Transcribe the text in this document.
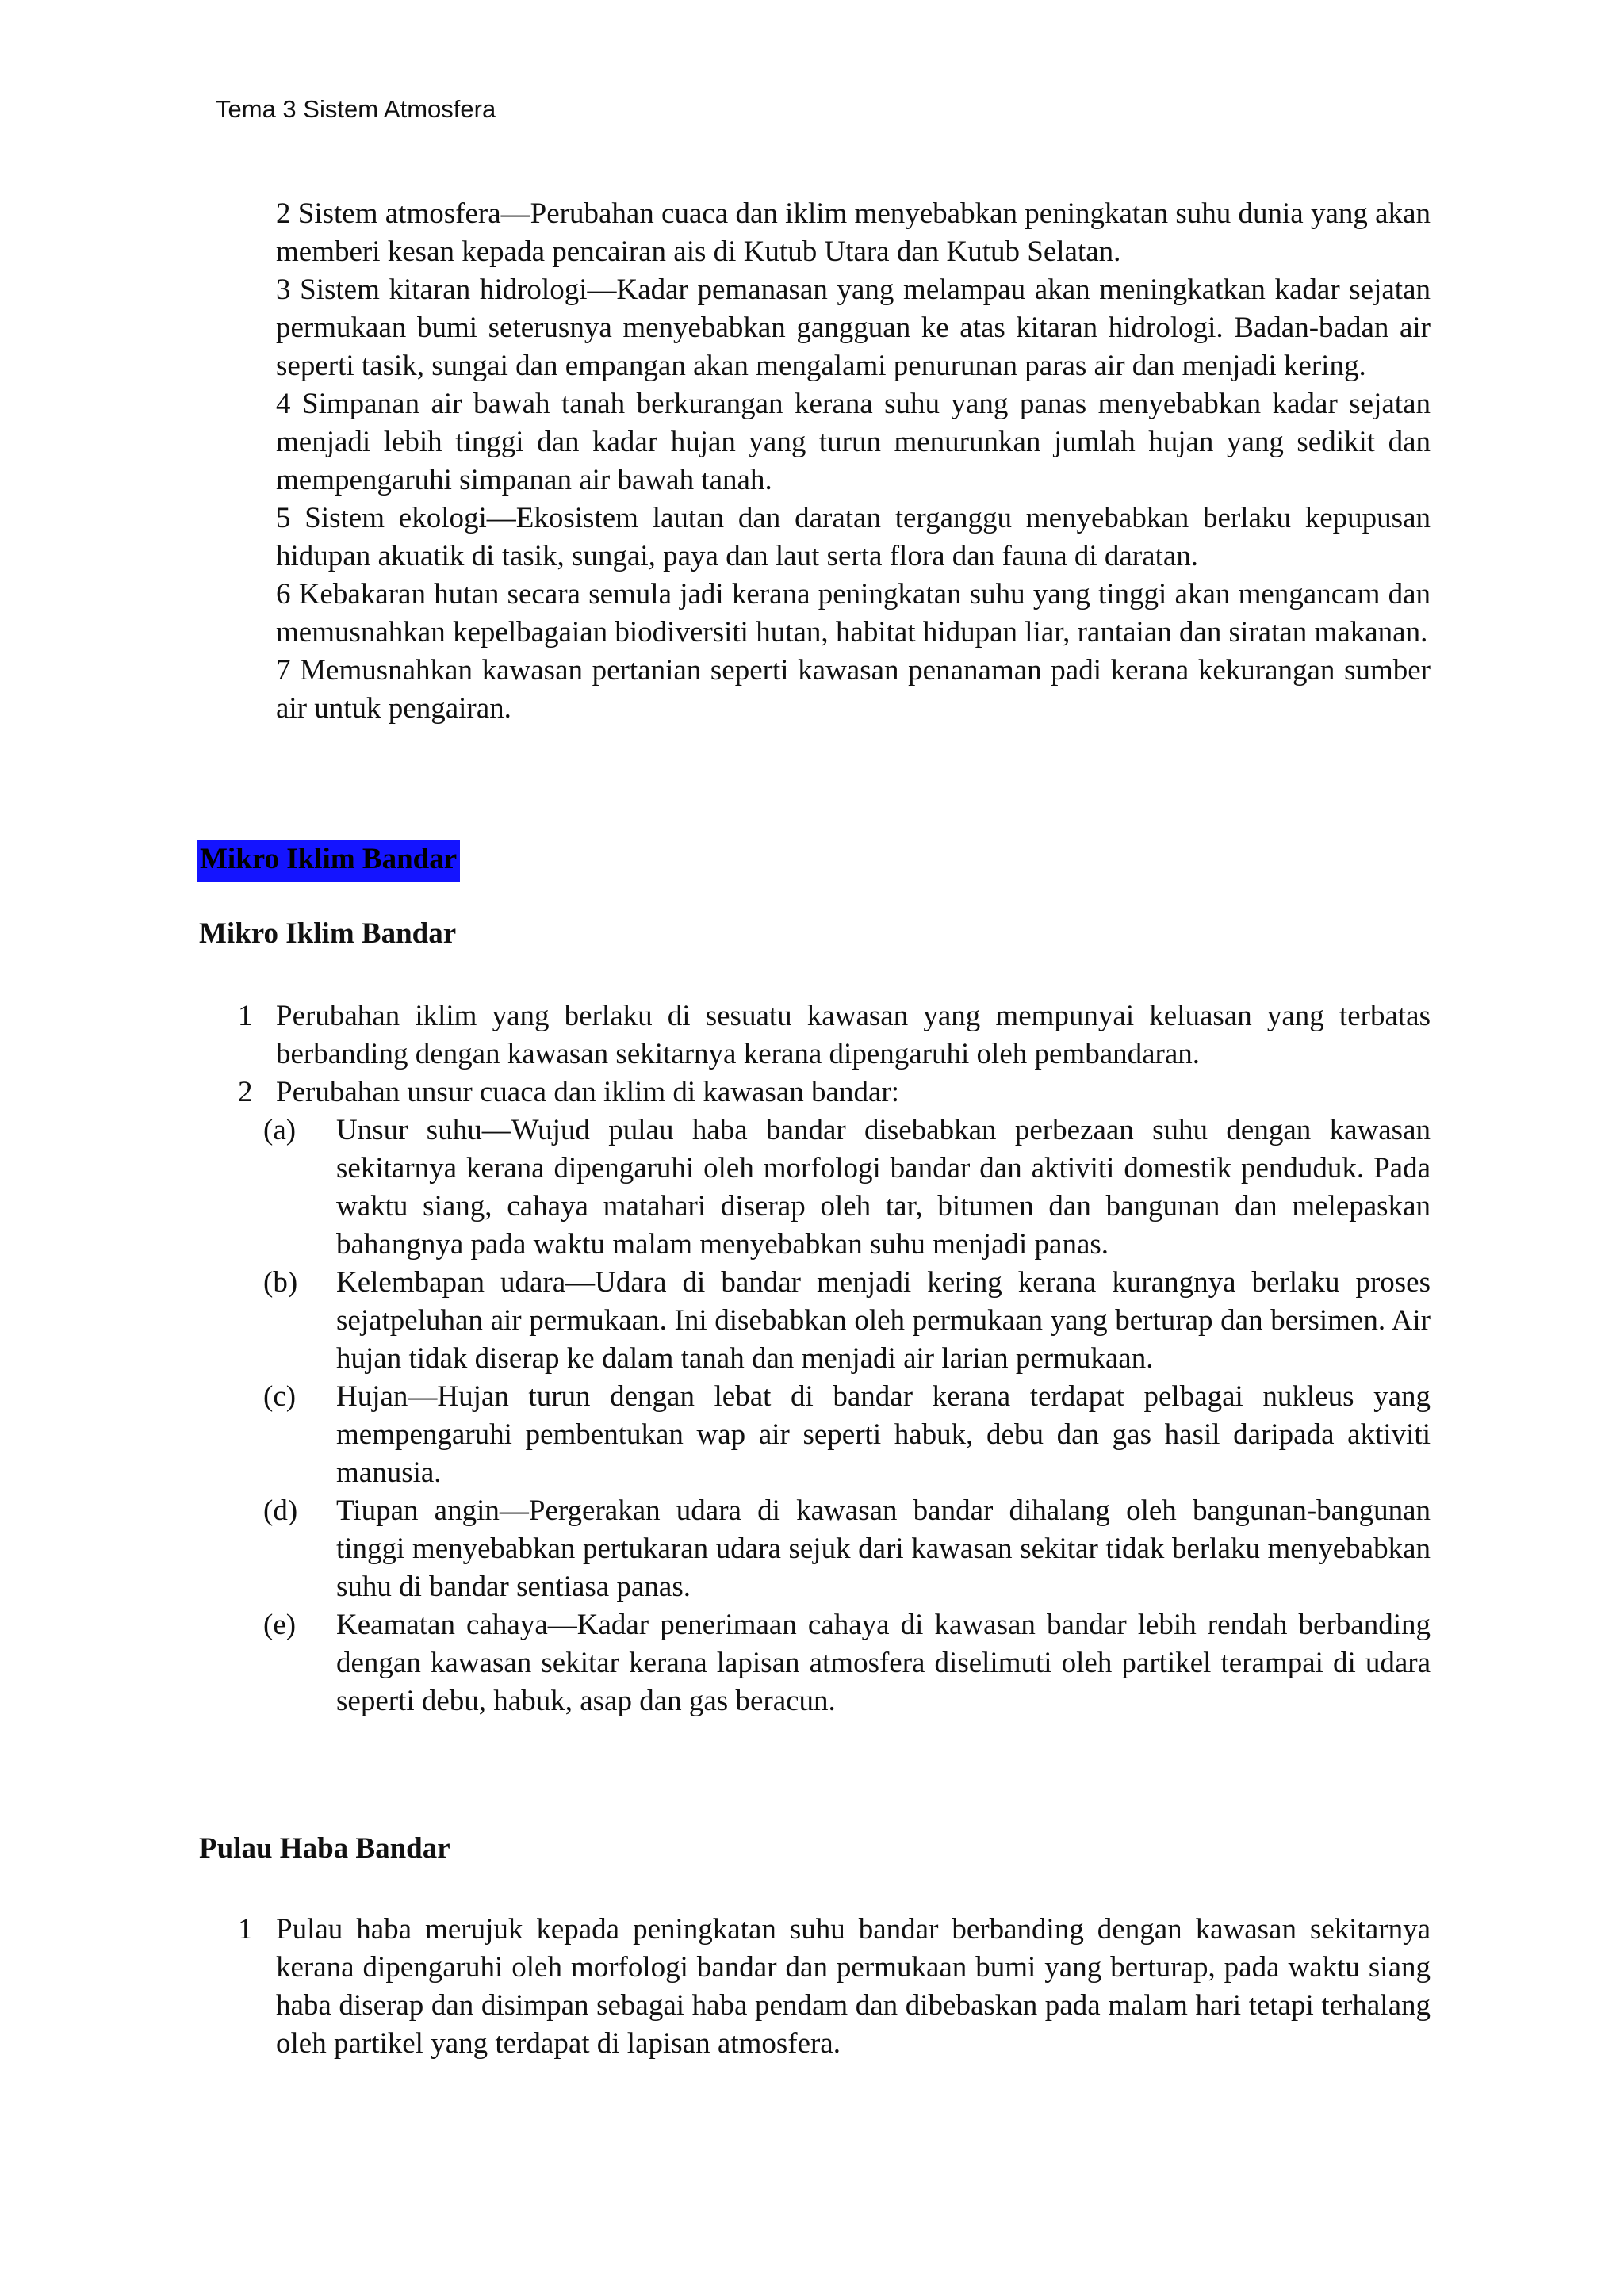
Tema 3 Sistem Atmosfera

2 Sistem atmosfera—Perubahan cuaca dan iklim menyebabkan peningkatan suhu dunia yang akan memberi kesan kepada pencairan ais di Kutub Utara dan Kutub Selatan.

3 Sistem kitaran hidrologi—Kadar pemanasan yang melampau akan meningkatkan kadar sejatan permukaan bumi seterusnya menyebabkan gangguan ke atas kitaran hidrologi. Badan-badan air seperti tasik, sungai dan empangan akan mengalami penurunan paras air dan menjadi kering.

4 Simpanan air bawah tanah berkurangan kerana suhu yang panas menyebabkan kadar sejatan menjadi lebih tinggi dan kadar hujan yang turun menurunkan jumlah hujan yang sedikit dan mempengaruhi simpanan air bawah tanah.

5 Sistem ekologi—Ekosistem lautan dan daratan terganggu menyebabkan berlaku kepupusan hidupan akuatik di tasik, sungai, paya dan laut serta flora dan fauna di daratan.

6 Kebakaran hutan secara semula jadi kerana peningkatan suhu yang tinggi akan mengancam dan memusnahkan kepelbagaian biodiversiti hutan, habitat hidupan liar, rantaian dan siratan makanan.

7 Memusnahkan kawasan pertanian seperti kawasan penanaman padi kerana kekurangan sumber air untuk pengairan.

Mikro Iklim Bandar
Mikro Iklim Bandar
1 Perubahan iklim yang berlaku di sesuatu kawasan yang mempunyai keluasan yang terbatas berbanding dengan kawasan sekitarnya kerana dipengaruhi oleh pembandaran.
2 Perubahan unsur cuaca dan iklim di kawasan bandar:
(a)	Unsur suhu—Wujud pulau haba bandar disebabkan perbezaan suhu dengan kawasan sekitarnya kerana dipengaruhi oleh morfologi bandar dan aktiviti domestik penduduk. Pada waktu siang, cahaya matahari diserap oleh tar, bitumen dan bangunan dan melepaskan bahangnya pada waktu malam menyebabkan suhu menjadi panas.
(b)	Kelembapan udara—Udara di bandar menjadi kering kerana kurangnya berlaku proses sejatpeluhan air permukaan. Ini disebabkan oleh permukaan yang berturap dan bersimen. Air hujan tidak diserap ke dalam tanah dan menjadi air larian permukaan.
(c)	Hujan—Hujan turun dengan lebat di bandar kerana terdapat pelbagai nukleus yang mempengaruhi pembentukan wap air seperti habuk, debu dan gas hasil daripada aktiviti manusia.
(d)	Tiupan angin—Pergerakan udara di kawasan bandar dihalang oleh bangunan-bangunan tinggi menyebabkan pertukaran udara sejuk dari kawasan sekitar tidak berlaku menyebabkan suhu di bandar sentiasa panas.
(e)	Keamatan cahaya—Kadar penerimaan cahaya di kawasan bandar lebih rendah berbanding dengan kawasan sekitar kerana lapisan atmosfera diselimuti oleh partikel terampai di udara seperti debu, habuk, asap dan gas beracun.
Pulau Haba Bandar
1 Pulau haba merujuk kepada peningkatan suhu bandar berbanding dengan kawasan sekitarnya kerana dipengaruhi oleh morfologi bandar dan permukaan bumi yang berturap, pada waktu siang haba diserap dan disimpan sebagai haba pendam dan dibebaskan pada malam hari tetapi terhalang oleh partikel yang terdapat di lapisan atmosfera.
